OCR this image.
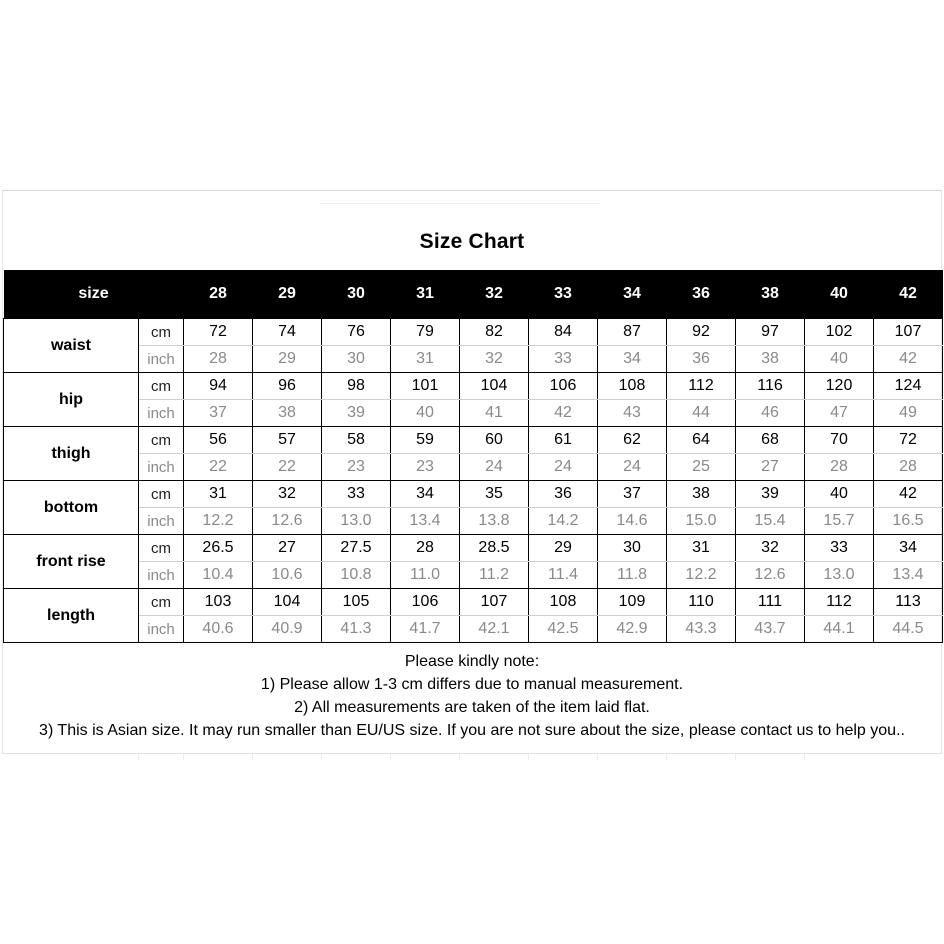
Size Chart
size		28	29	30	31	32	33	34	36	38	40	42
waist	cm	72	74	76	79	82	84	87	92	97	102	107
	inch	28	29	30	31	32	33	34	36	38	40	42
hip	cm	94	96	98	101	104	106	108	112	116	120	124
	inch	37	38	39	40	41	42	43	44	46	47	49
thigh	cm	56	57	58	59	60	61	62	64	68	70	72
	inch	22	22	23	23	24	24	24	25	27	28	28
bottom	cm	31	32	33	34	35	36	37	38	39	40	42
	inch	12.2	12.6	13.0	13.4	13.8	14.2	14.6	15.0	15.4	15.7	16.5
front rise	cm	26.5	27	27.5	28	28.5	29	30	31	32	33	34
	inch	10.4	10.6	10.8	11.0	11.2	11.4	11.8	12.2	12.6	13.0	13.4
length	cm	103	104	105	106	107	108	109	110	111	112	113
	inch	40.6	40.9	41.3	41.7	42.1	42.5	42.9	43.3	43.7	44.1	44.5
Please kindly note:
1) Please allow 1-3 cm differs due to manual measurement.
2) All measurements are taken of the item laid flat.
3) This is Asian size. It may run smaller than EU/US size. If you are not sure about the size, please contact us to help you..
